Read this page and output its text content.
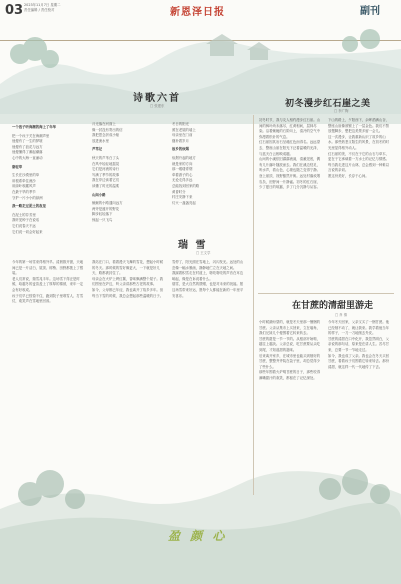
03 2023年11月7日 星期二
责任编辑 / 责任校对	新恩泽日报	副刊
诗歌六首
□ 张建东
一个孩子听海潮的海上了年华

把一个孩子关在海潮声里

他便有了一生的梦境

他便有了浪花与远方

他便懂得了潮起潮落

心中的大海一直涌动

骆驼草

生长在沙漠里的草

用根系牵住流沙

用绿叶收藏风声

在最干旱的季节

守护一片小小的绿洲

我一路走过泥土的夜里

在泥土的芬芳里

我听见种子在说话

它们说春天不远

它们说一切会好起来

月光落在河面上

像一封没有寄出的信

我把思念折成小船

放进流水里

芦苇记

秋天的芦苇白了头

在风中轻轻地摇晃

它们是河流的诗行

写满了季节的故事

我在岸边读着它们

读懂了时光的温柔

山间小路

蜿蜒的小路通向远方

两旁是盛开的野花

脚步轻轻落下

惊起一只飞鸟

冬日的阳光

照在老屋的墙上

母亲坐在门前

缝补着岁月

故乡的炊烟

炊烟升起的地方

就是家的方向

那一缕缕青烟

牵着游子的心

无论走得多远

总能找到回家的路

黄昏时分

村庄安静下来

灯火一盏盏亮起

瑞 雪
□ 王文学

今年的第一场雪来得格外早。清晨推开窗，天地间已是一片洁白，屋顶、树梢、田野都披上了银装。

老人们常说，瑞雪兆丰年。这场雪下得正是时候，给越冬的麦苗盖上了厚厚的棉被，来年一定会有好收成。

孩子们早已按捺不住，跑到院子里堆雪人、打雪仗，欢笑声在雪地里回荡。

我站在门口，看着漫天飞舞的雪花，想起小时候的冬天。那时候的雪好像更大，一下就是好几天，路都被封住了。

母亲会在火炉上烤红薯，香味飘满整个屋子。我们围坐在炉边，听父亲讲那些古老的故事。

如今，父母都已年迈，我也离开了故乡多年。但每当下雪的时候，我总会想起那些温暖的日子。

雪停了，阳光照在雪地上，闪闪发光。远处的山峦像一幅水墨画，静静地伫立在天地之间。

我踩着积雪走在村道上，咯吱咯吱的声音在耳边响起，像是在诉说着什么。

瑞雪，是大自然的馈赠，也是对未来的祝福。愿这场雪带来好运，愿每个人都能在新的一年里平安喜乐。

初冬漫步红石崖之美
□ 李广陶

初冬时节，我与友人相约漫步红石崖。山间的枫叶尚未落尽，红黄相间，层林尽染。沿着蜿蜒的石阶向上，清冷的空气中弥漫着松针的气息。

红石崖因其岩石呈赭红色而得名。远远望去，整座山崖在阳光下泛着温暖的光泽，与蓝天白云相映成趣。

山间的小溪依旧潺潺流淌，清澈见底，偶有几片落叶随波而去。我们在溪边驻足，听水声，看山色，心境也随之变得宁静。

登上崖顶，视野豁然开朗。远处村落炊烟袅袅，田野间一片静谧。初冬的红石崖，少了夏日的喧嚣，多了几分沉静与从容。

下山的路上，夕阳西下，余晖洒满山谷，整座山崖像被镀上了一层金色。我们不禁放慢脚步，想把这美景多留一会儿。

这一次漫步，让我重新认识了故乡的山水。那些熟悉又陌生的风景，在初冬的时光里显得格外动人。

红石崖的美，不仅在于它的山石与草木，更在于它承载着一方水土的记忆与情感。每当我走进这片山林，总会感到一种难以言说的亲切。

愿这份美好，长存于心间。

在甘蔗的清甜里游走
□ 肖 倩

小时候最盼望的，就是冬天里那一捆捆的甘蔗。父亲从集市上买回来，立在墙角，我们兄妹几个便围着它转来转去。

甘蔗的甜是一节一节的。从根部开始啃，越往上越淡。父亲总说，吃甘蔗要从头吃到尾，才知道甜的滋味。

后来离开家乡，在城市里也能买到削好的甘蔗，整整齐齐装在袋子里，却总觉得少了些什么。

那些年围着火炉啃甘蔗的日子，那些咬得满嘴甜汁的欢笑，都留在了记忆深处。

今年冬天回家，父亲又买了一捆甘蔗。他已经削不动了，就让我来。我学着他当年的样子，一刀一刀地削去外皮。

甘蔗的清甜在口中化开，我忽然明白，父亲说的那句话，原来是在讲人生。苦尽甘来，总要一节一节地走过。

如今，我也成了父亲。我也会在冬天买回甘蔗，看着孩子们围着它转来转去。那份清甜，就这样一代一代地传了下去。

盈 颜 心
